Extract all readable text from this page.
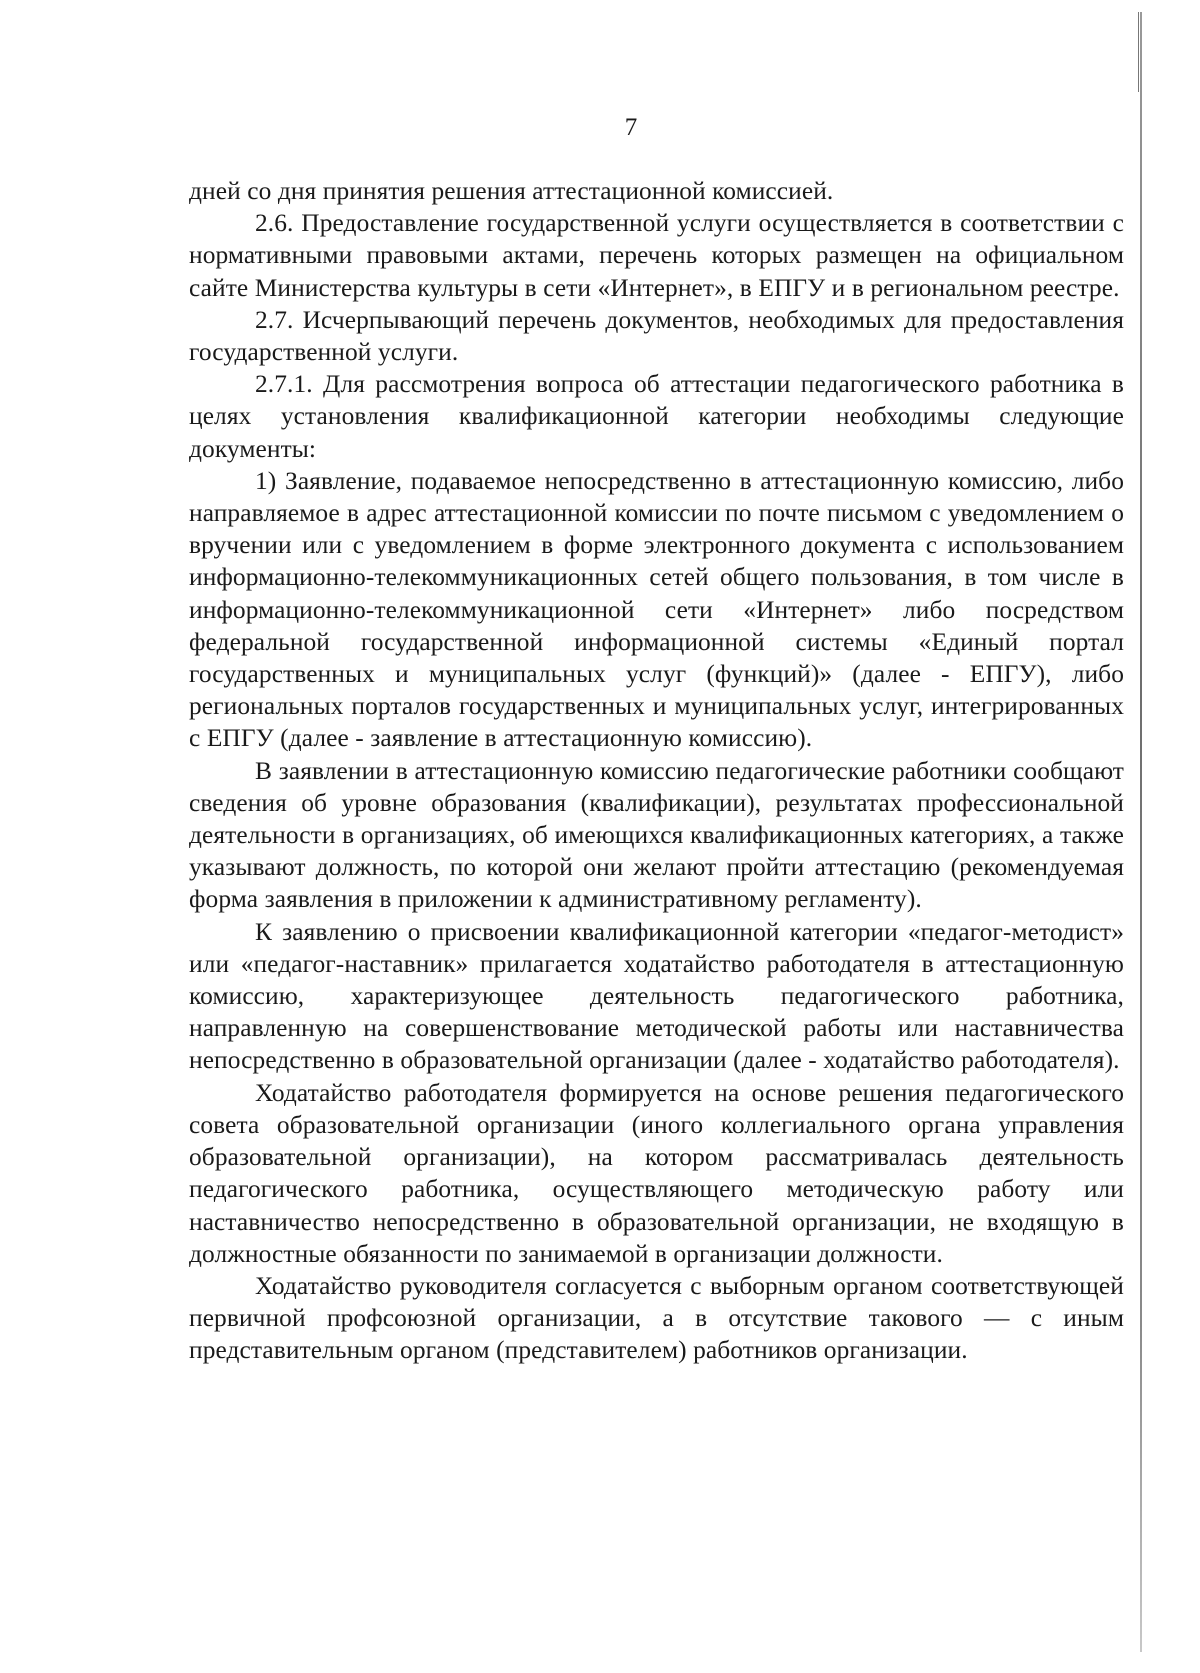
7

дней со дня принятия решения аттестационной комиссией.

2.6. Предоставление государственной услуги осуществляется в соответствии с нормативными правовыми актами, перечень которых размещен на официальном сайте Министерства культуры в сети «Интернет», в ЕПГУ и в региональном реестре.

2.7. Исчерпывающий перечень документов, необходимых для предоставления государственной услуги.

2.7.1. Для рассмотрения вопроса об аттестации педагогического работника в целях установления квалификационной категории необходимы следующие документы:

1) Заявление, подаваемое непосредственно в аттестационную комиссию, либо направляемое в адрес аттестационной комиссии по почте письмом с уведомлением о вручении или с уведомлением в форме электронного документа с использованием информационно-телекоммуникационных сетей общего пользования, в том числе в информационно-телекоммуникационной сети «Интернет» либо посредством федеральной государственной информационной системы «Единый портал государственных и муниципальных услуг (функций)» (далее - ЕПГУ), либо региональных порталов государственных и муниципальных услуг, интегрированных с ЕПГУ (далее - заявление в аттестационную комиссию).

В заявлении в аттестационную комиссию педагогические работники сообщают сведения об уровне образования (квалификации), результатах профессиональной деятельности в организациях, об имеющихся квалификационных категориях, а также указывают должность, по которой они желают пройти аттестацию (рекомендуемая форма заявления в приложении к административному регламенту).

К заявлению о присвоении квалификационной категории «педагог-методист» или «педагог-наставник» прилагается ходатайство работодателя в аттестационную комиссию, характеризующее деятельность педагогического работника, направленную на совершенствование методической работы или наставничества непосредственно в образовательной организации (далее - ходатайство работодателя).

Ходатайство работодателя формируется на основе решения педагогического совета образовательной организации (иного коллегиального органа управления образовательной организации), на котором рассматривалась деятельность педагогического работника, осуществляющего методическую работу или наставничество непосредственно в образовательной организации, не входящую в должностные обязанности по занимаемой в организации должности.

Ходатайство руководителя согласуется с выборным органом соответствующей первичной профсоюзной организации, а в отсутствие такового — с иным представительным органом (представителем) работников организации.
